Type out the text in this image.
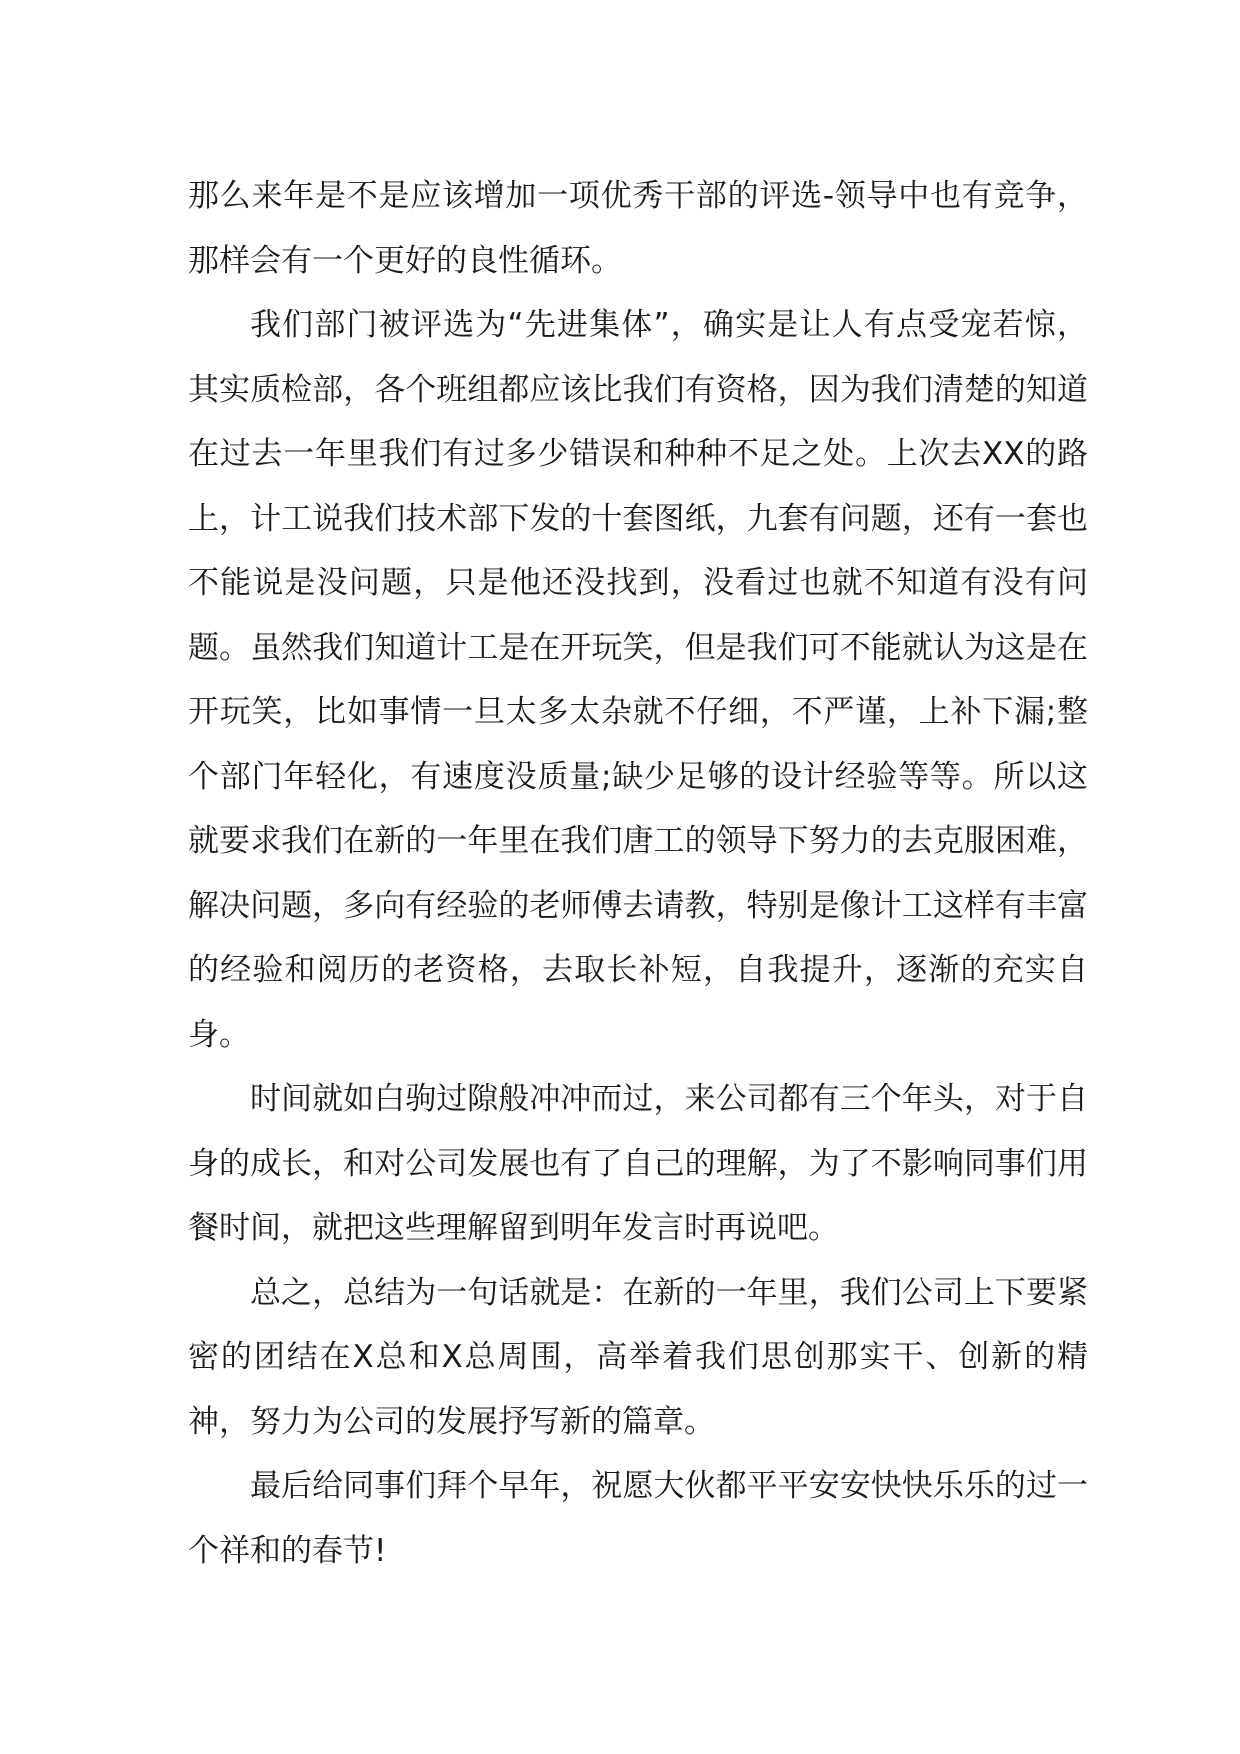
那么来年是不是应该增加一项优秀干部的评选-领导中也有竞争，那样会有一个更好的良性循环。

我们部门被评选为“先进集体”，确实是让人有点受宠若惊，其实质检部，各个班组都应该比我们有资格，因为我们清楚的知道在过去一年里我们有过多少错误和种种不足之处。上次去XX的路上，计工说我们技术部下发的十套图纸，九套有问题，还有一套也不能说是没问题，只是他还没找到，没看过也就不知道有没有问题。虽然我们知道计工是在开玩笑，但是我们可不能就认为这是在开玩笑，比如事情一旦太多太杂就不仔细，不严谨，上补下漏;整个部门年轻化，有速度没质量;缺少足够的设计经验等等。所以这就要求我们在新的一年里在我们唐工的领导下努力的去克服困难，解决问题，多向有经验的老师傅去请教，特别是像计工这样有丰富的经验和阅历的老资格，去取长补短，自我提升，逐渐的充实自身。

时间就如白驹过隙般冲冲而过，来公司都有三个年头，对于自身的成长，和对公司发展也有了自己的理解，为了不影响同事们用餐时间，就把这些理解留到明年发言时再说吧。

总之，总结为一句话就是：在新的一年里，我们公司上下要紧密的团结在X总和X总周围，高举着我们思创那实干、创新的精神，努力为公司的发展抒写新的篇章。

最后给同事们拜个早年，祝愿大伙都平平安安快快乐乐的过一个祥和的春节!
